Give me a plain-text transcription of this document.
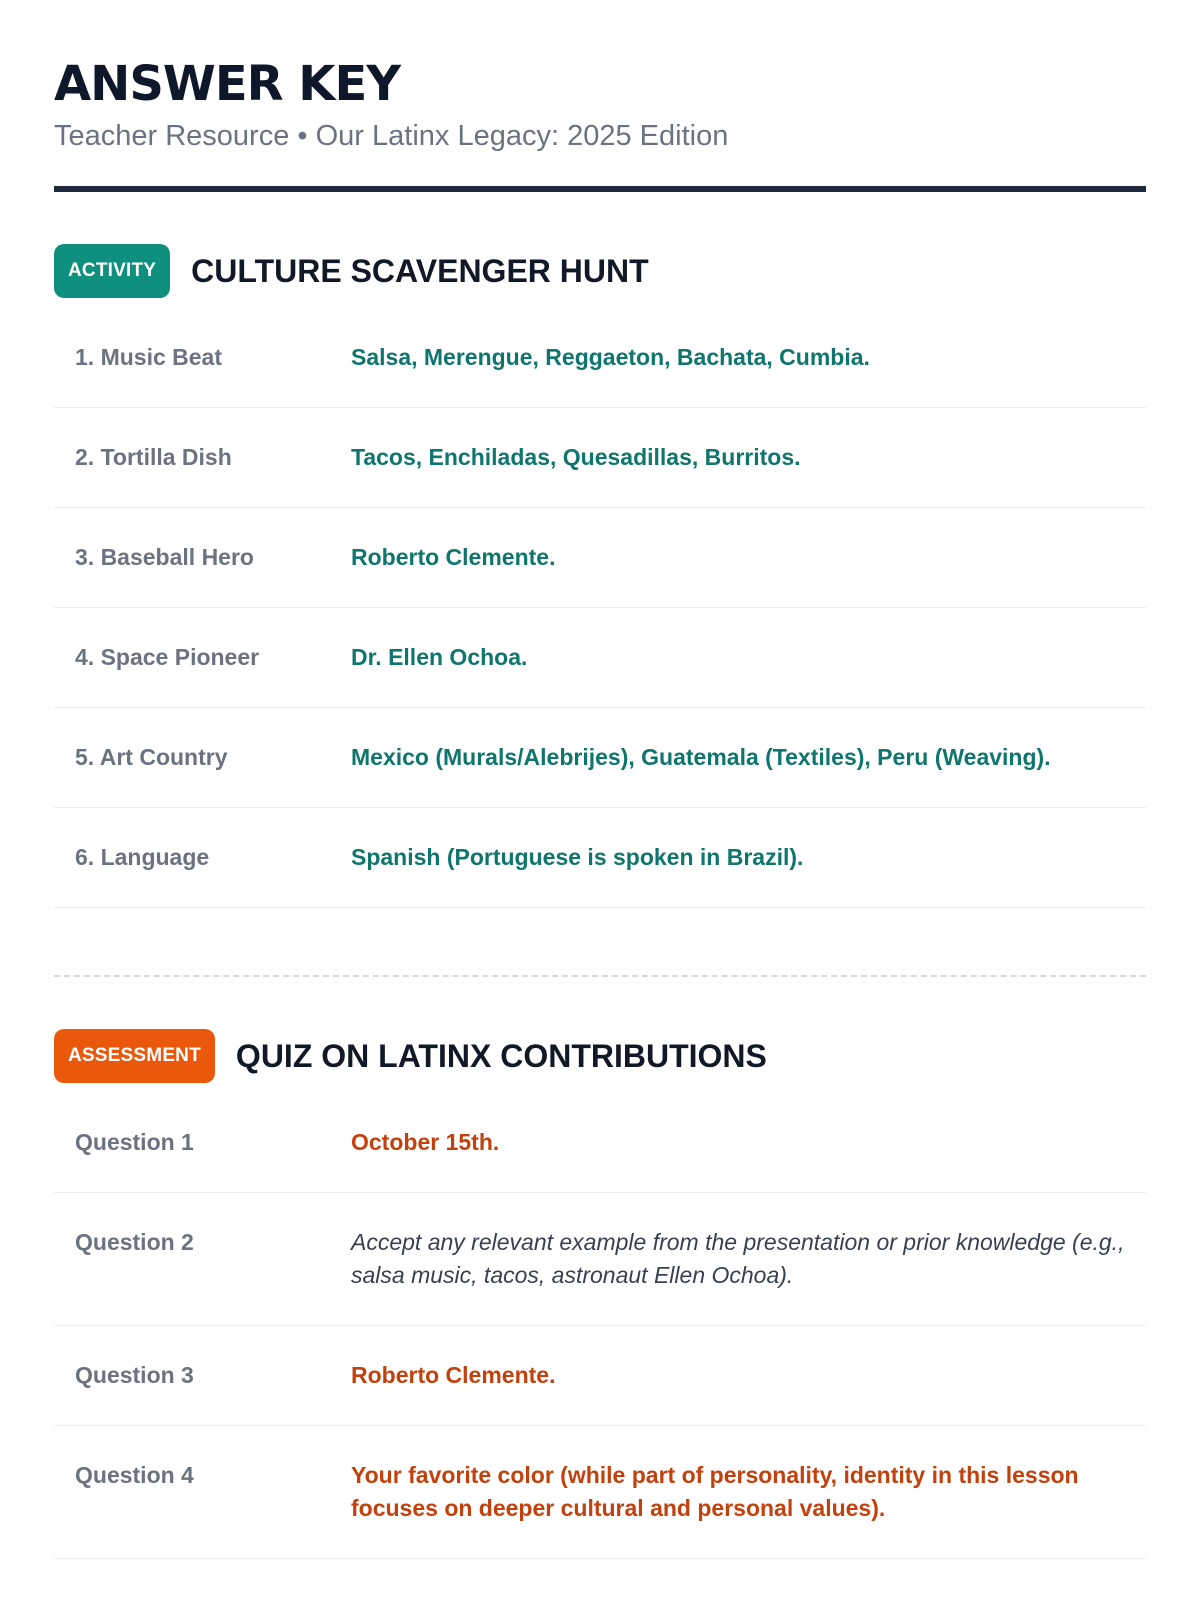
ANSWER KEY
Teacher Resource • Our Latinx Legacy: 2025 Edition
ACTIVITY	CULTURE SCAVENGER HUNT
1. Music Beat	Salsa, Merengue, Reggaeton, Bachata, Cumbia.
2. Tortilla Dish	Tacos, Enchiladas, Quesadillas, Burritos.
3. Baseball Hero	Roberto Clemente.
4. Space Pioneer	Dr. Ellen Ochoa.
5. Art Country	Mexico (Murals/Alebrijes), Guatemala (Textiles), Peru (Weaving).
6. Language	Spanish (Portuguese is spoken in Brazil).
ASSESSMENT	QUIZ ON LATINX CONTRIBUTIONS
Question 1	October 15th.
Question 2	Accept any relevant example from the presentation or prior knowledge (e.g., salsa music, tacos, astronaut Ellen Ochoa).
Question 3	Roberto Clemente.
Question 4	Your favorite color (while part of personality, identity in this lesson focuses on deeper cultural and personal values).
